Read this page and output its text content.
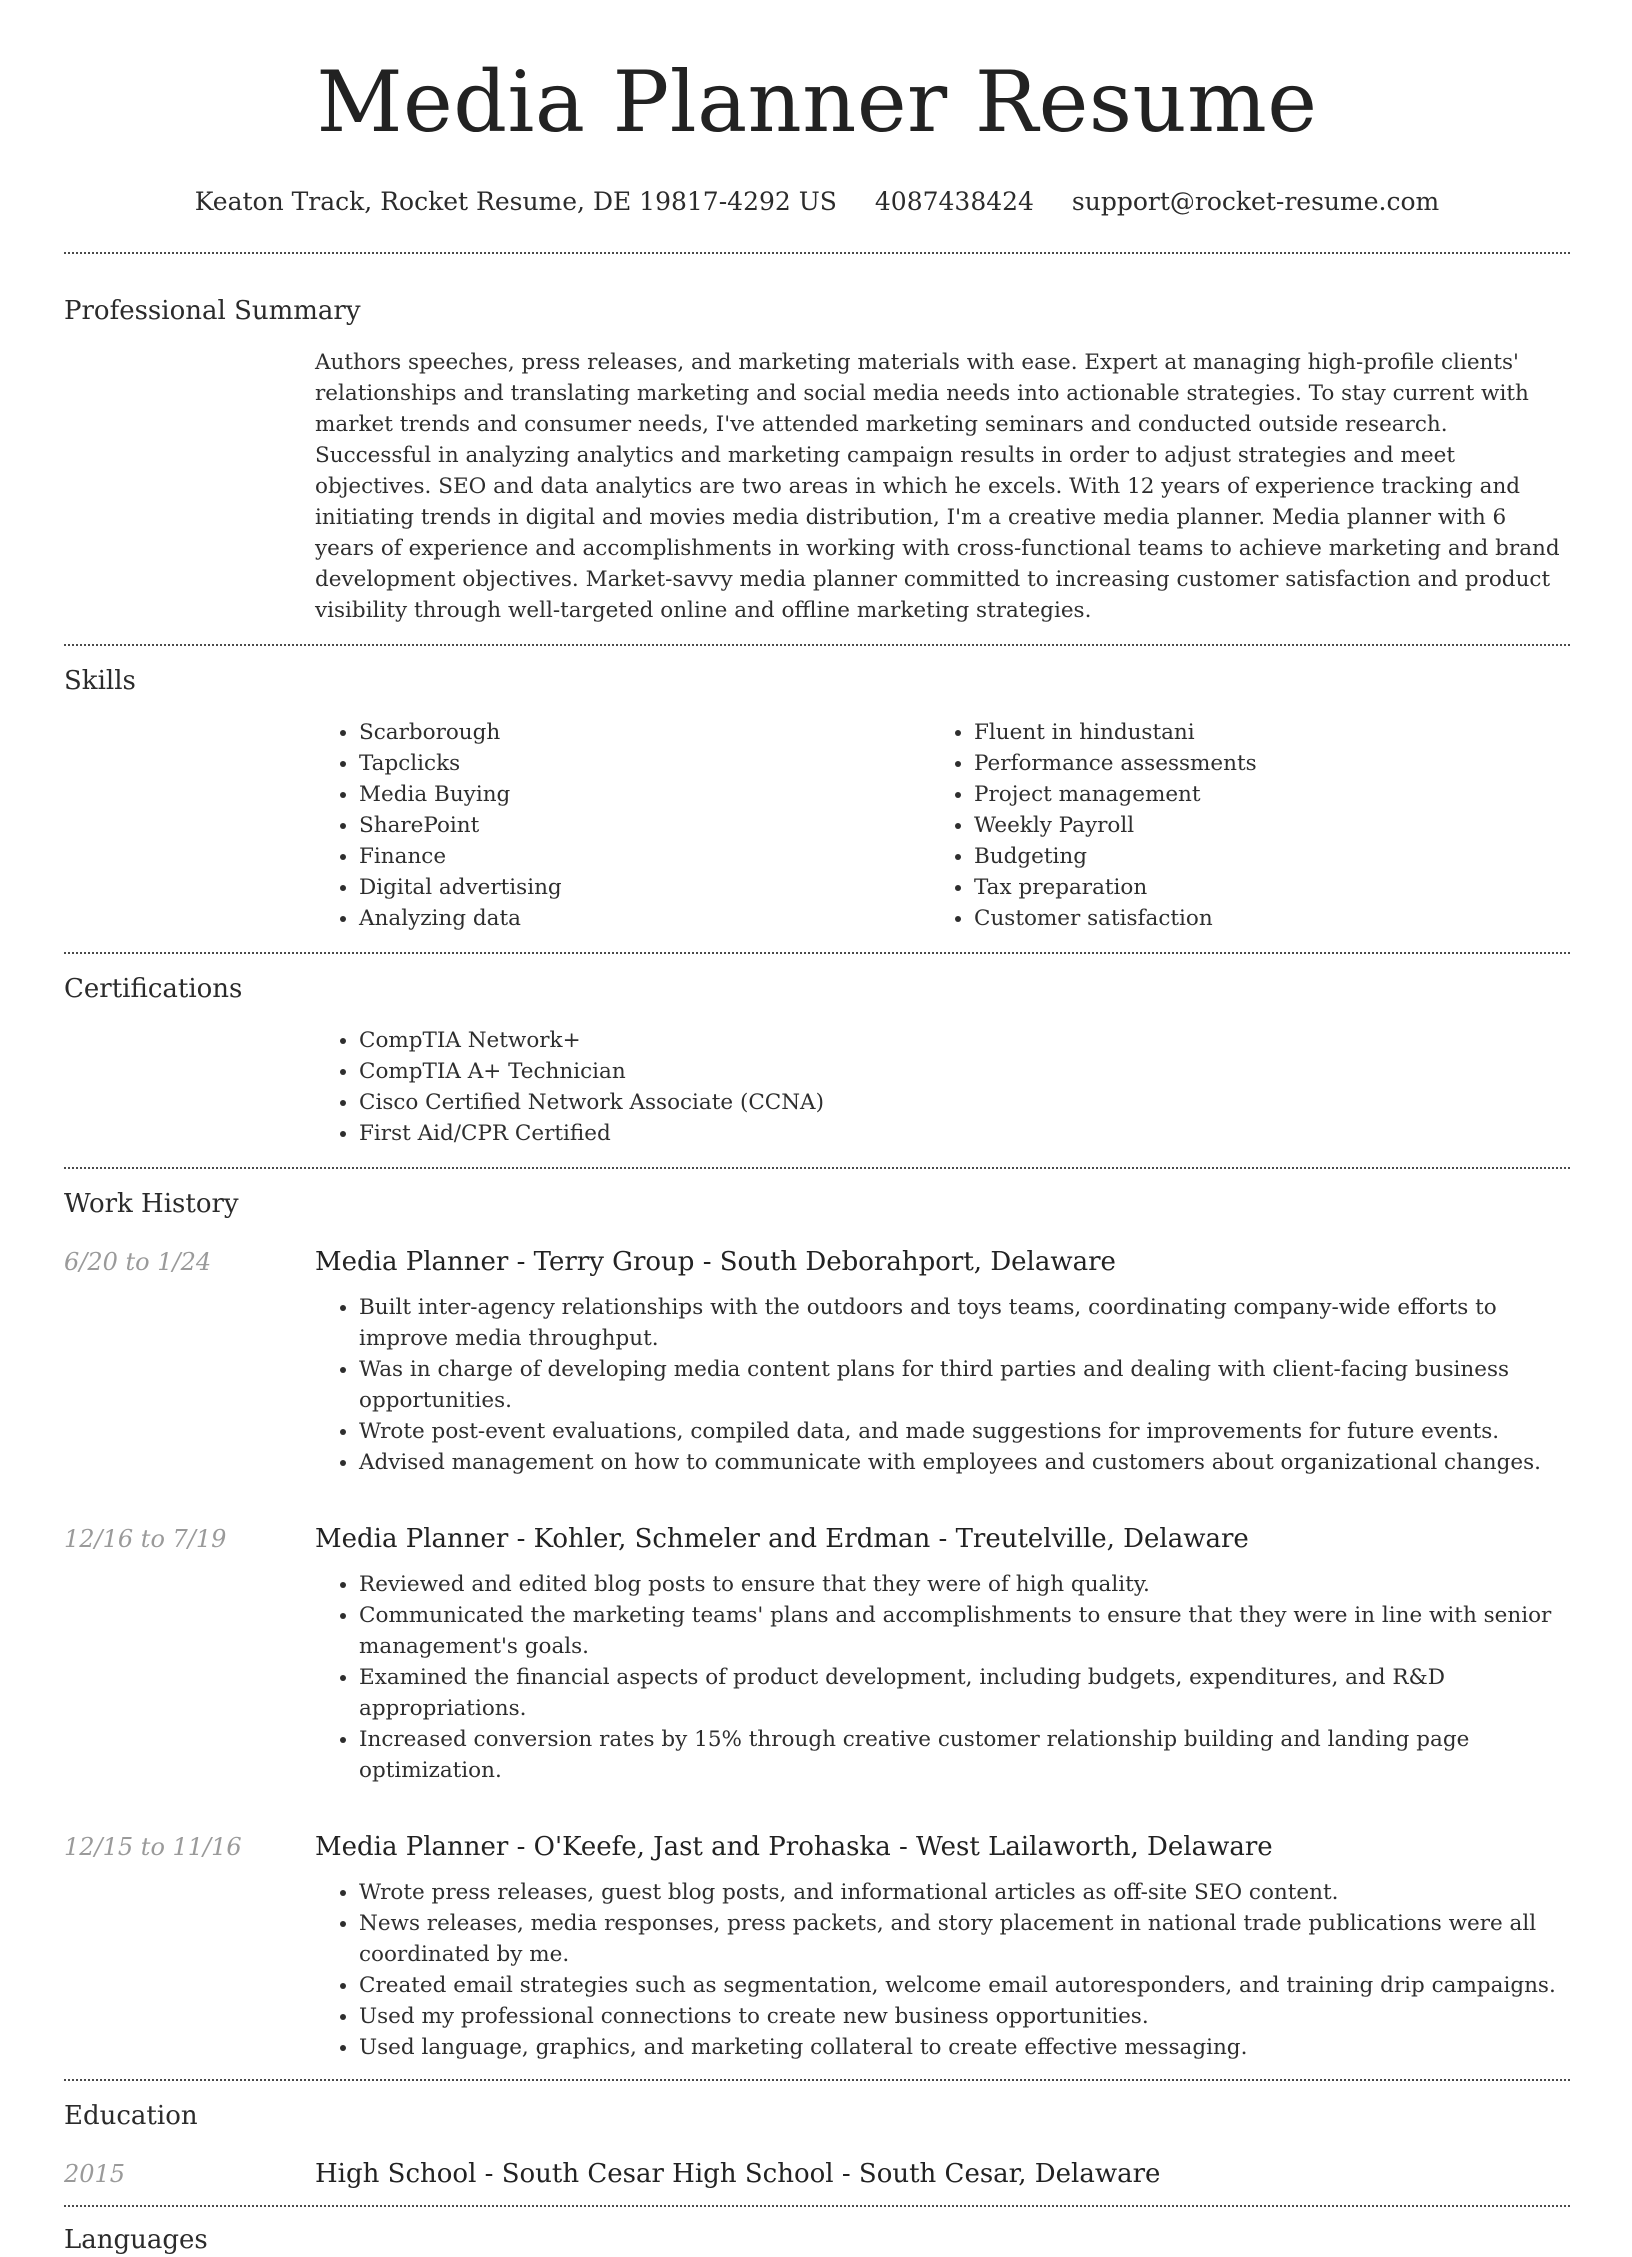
Media Planner Resume
Keaton Track, Rocket Resume, DE 19817-4292 US 4087438424 support@rocket-resume.com
Professional Summary
Authors speeches, press releases, and marketing materials with ease. Expert at managing high-profile clients' relationships and translating marketing and social media needs into actionable strategies. To stay current with market trends and consumer needs, I've attended marketing seminars and conducted outside research. Successful in analyzing analytics and marketing campaign results in order to adjust strategies and meet objectives. SEO and data analytics are two areas in which he excels. With 12 years of experience tracking and initiating trends in digital and movies media distribution, I'm a creative media planner. Media planner with 6 years of experience and accomplishments in working with cross-functional teams to achieve marketing and brand development objectives. Market-savvy media planner committed to increasing customer satisfaction and product visibility through well-targeted online and offline marketing strategies.
Skills
• Scarborough
• Tapclicks
• Media Buying
• SharePoint
• Finance
• Digital advertising
• Analyzing data
• Fluent in hindustani
• Performance assessments
• Project management
• Weekly Payroll
• Budgeting
• Tax preparation
• Customer satisfaction
Certifications
• CompTIA Network+
• CompTIA A+ Technician
• Cisco Certified Network Associate (CCNA)
• First Aid/CPR Certified
Work History
6/20 to 1/24	Media Planner - Terry Group - South Deborahport, Delaware
• Built inter-agency relationships with the outdoors and toys teams, coordinating company-wide efforts to improve media throughput.
• Was in charge of developing media content plans for third parties and dealing with client-facing business opportunities.
• Wrote post-event evaluations, compiled data, and made suggestions for improvements for future events.
• Advised management on how to communicate with employees and customers about organizational changes.
12/16 to 7/19	Media Planner - Kohler, Schmeler and Erdman - Treutelville, Delaware
• Reviewed and edited blog posts to ensure that they were of high quality.
• Communicated the marketing teams' plans and accomplishments to ensure that they were in line with senior management's goals.
• Examined the financial aspects of product development, including budgets, expenditures, and R&D appropriations.
• Increased conversion rates by 15% through creative customer relationship building and landing page optimization.
12/15 to 11/16	Media Planner - O'Keefe, Jast and Prohaska - West Lailaworth, Delaware
• Wrote press releases, guest blog posts, and informational articles as off-site SEO content.
• News releases, media responses, press packets, and story placement in national trade publications were all coordinated by me.
• Created email strategies such as segmentation, welcome email autoresponders, and training drip campaigns.
• Used my professional connections to create new business opportunities.
• Used language, graphics, and marketing collateral to create effective messaging.
Education
2015	High School - South Cesar High School - South Cesar, Delaware
Languages
